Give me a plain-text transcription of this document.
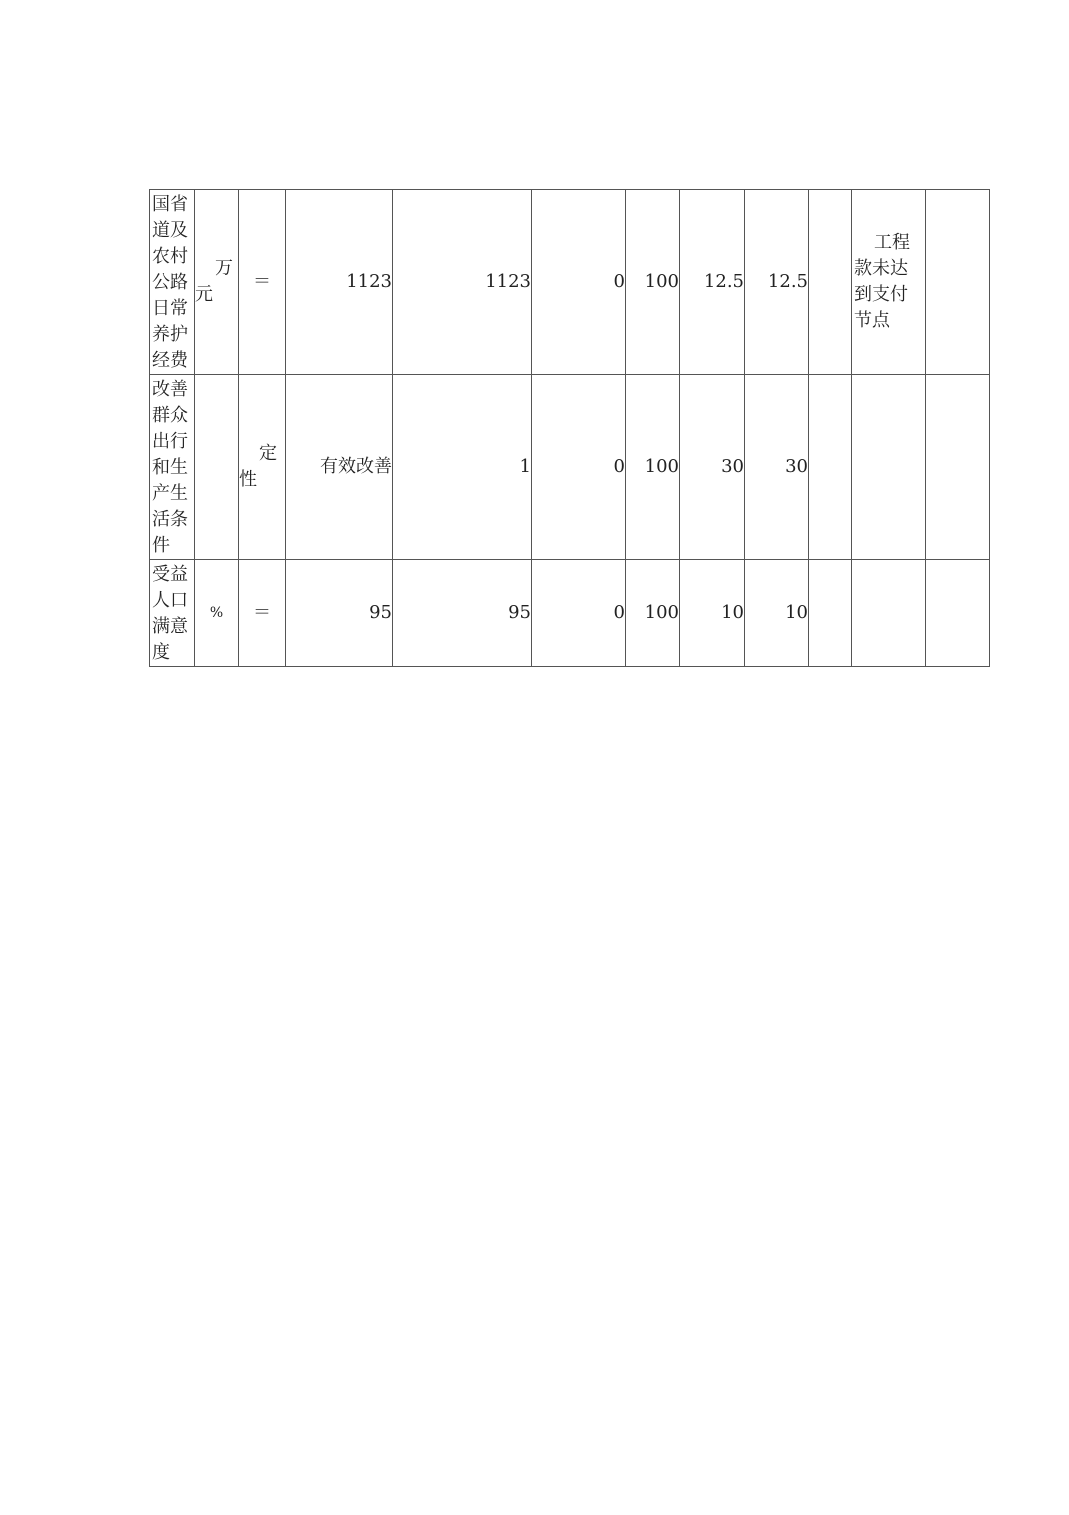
国省道及农村公路日常养护经费	万元	＝	1123	1123	0	100	12.5	12.5		工程款未达到支付节点	

改善群众出行和生产生活条件		定性	有效改善	1	0	100	30	30		

受益人口满意度	%	＝	95	95	0	100	10	10		
